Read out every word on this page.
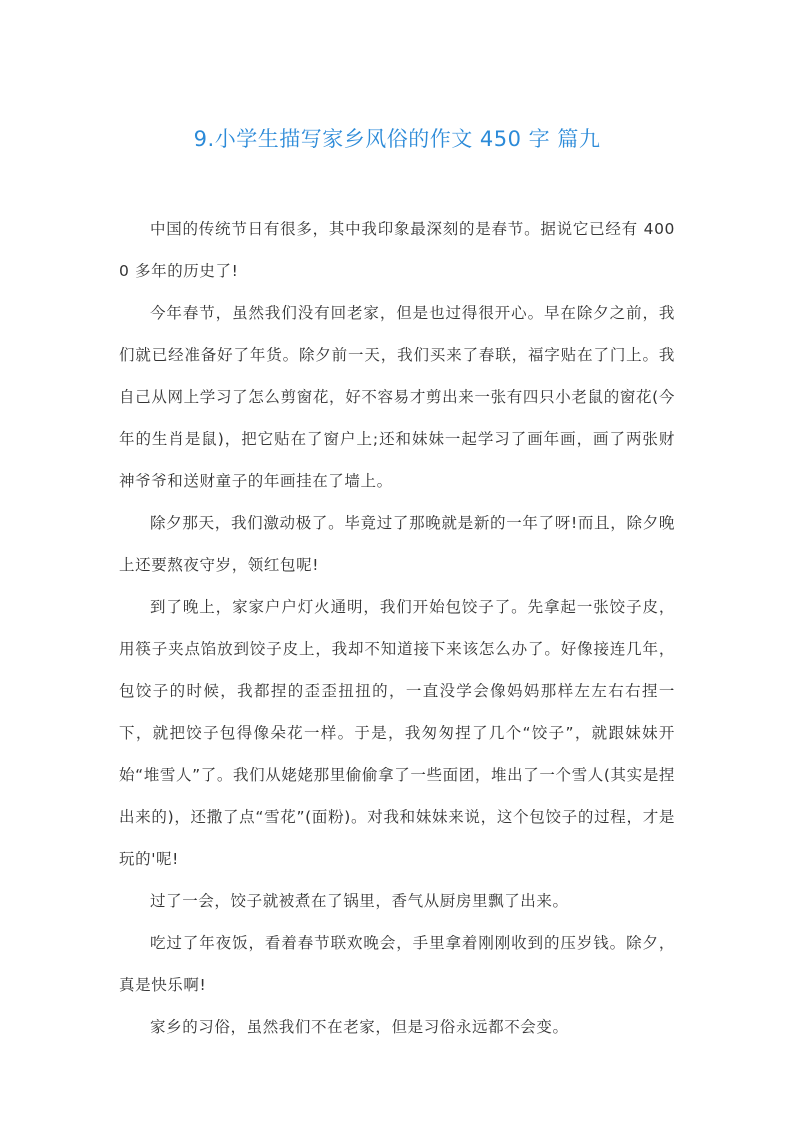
9.小学生描写家乡风俗的作文 450 字 篇九

中国的传统节日有很多，其中我印象最深刻的是春节。据说它已经有 4000 多年的历史了!

今年春节，虽然我们没有回老家，但是也过得很开心。早在除夕之前，我们就已经准备好了年货。除夕前一天，我们买来了春联，福字贴在了门上。我自己从网上学习了怎么剪窗花，好不容易才剪出来一张有四只小老鼠的窗花(今年的生肖是鼠)，把它贴在了窗户上;还和妹妹一起学习了画年画，画了两张财神爷爷和送财童子的年画挂在了墙上。

除夕那天，我们激动极了。毕竟过了那晚就是新的一年了呀!而且，除夕晚上还要熬夜守岁，领红包呢!

到了晚上，家家户户灯火通明，我们开始包饺子了。先拿起一张饺子皮，用筷子夹点馅放到饺子皮上，我却不知道接下来该怎么办了。好像接连几年，包饺子的时候，我都捏的歪歪扭扭的，一直没学会像妈妈那样左左右右捏一下，就把饺子包得像朵花一样。于是，我匆匆捏了几个“饺子”，就跟妹妹开始“堆雪人”了。我们从姥姥那里偷偷拿了一些面团，堆出了一个雪人(其实是捏出来的)，还撒了点“雪花”(面粉)。对我和妹妹来说，这个包饺子的过程，才是玩的'呢!

过了一会，饺子就被煮在了锅里，香气从厨房里飘了出来。

吃过了年夜饭，看着春节联欢晚会，手里拿着刚刚收到的压岁钱。除夕，真是快乐啊!

家乡的习俗，虽然我们不在老家，但是习俗永远都不会变。
